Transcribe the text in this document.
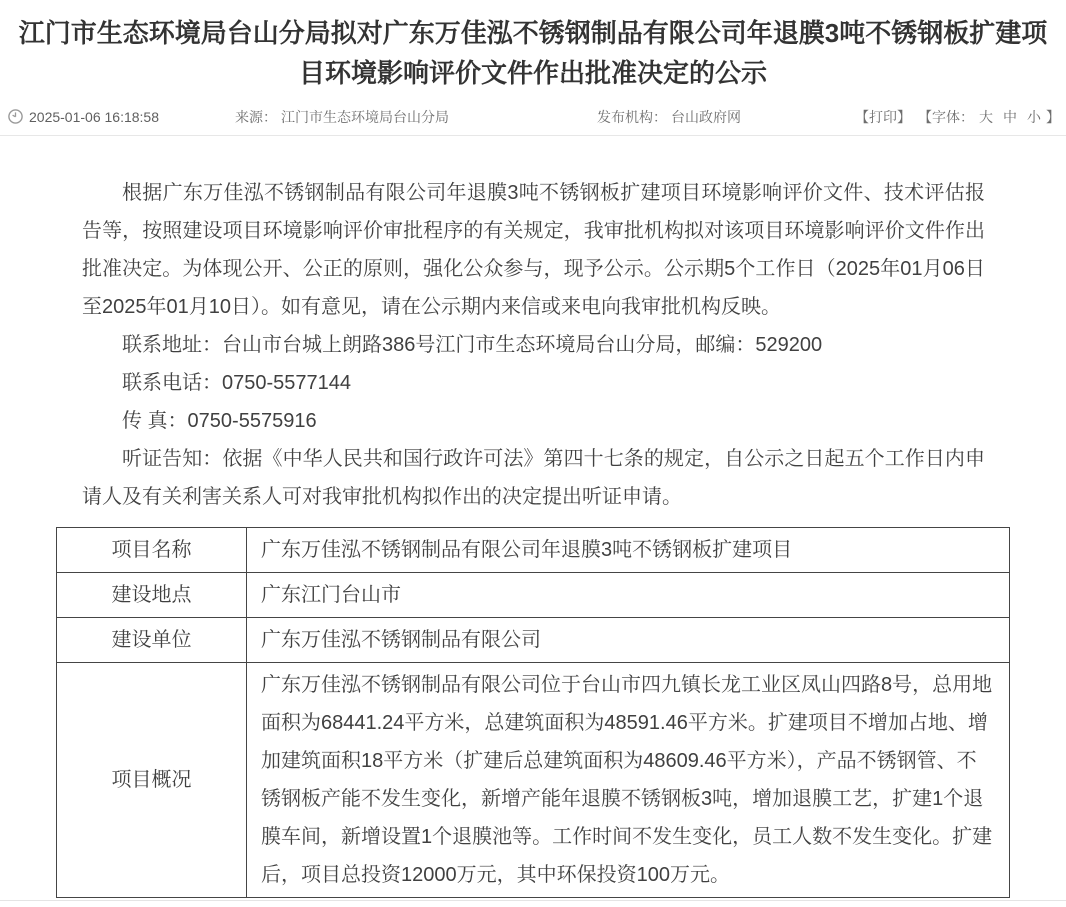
江门市生态环境局台山分局拟对广东万佳泓不锈钢制品有限公司年退膜3吨不锈钢板扩建项目环境影响评价文件作出批准决定的公示
2025-01-06 16:18:58	来源： 江门市生态环境局台山分局	发布机构： 台山政府网	【打印】 【字体： 大 中 小 】

根据广东万佳泓不锈钢制品有限公司年退膜3吨不锈钢板扩建项目环境影响评价文件、技术评估报告等，按照建设项目环境影响评价审批程序的有关规定，我审批机构拟对该项目环境影响评价文件作出批准决定。为体现公开、公正的原则，强化公众参与，现予公示。公示期5个工作日（2025年01月06日至2025年01月10日）。如有意见，请在公示期内来信或来电向我审批机构反映。

联系地址：台山市台城上朗路386号江门市生态环境局台山分局，邮编：529200

联系电话：0750-5577144

传 真：0750-5575916

听证告知：依据《中华人民共和国行政许可法》第四十七条的规定，自公示之日起五个工作日内申请人及有关利害关系人可对我审批机构拟作出的决定提出听证申请。

项目名称	广东万佳泓不锈钢制品有限公司年退膜3吨不锈钢板扩建项目
建设地点	广东江门台山市
建设单位	广东万佳泓不锈钢制品有限公司
项目概况	广东万佳泓不锈钢制品有限公司位于台山市四九镇长龙工业区凤山四路8号，总用地面积为68441.24平方米，总建筑面积为48591.46平方米。扩建项目不增加占地、增加建筑面积18平方米（扩建后总建筑面积为48609.46平方米），产品不锈钢管、不锈钢板产能不发生变化，新增产能年退膜不锈钢板3吨，增加退膜工艺，扩建1个退膜车间，新增设置1个退膜池等。工作时间不发生变化，员工人数不发生变化。扩建后，项目总投资12000万元，其中环保投资100万元。
